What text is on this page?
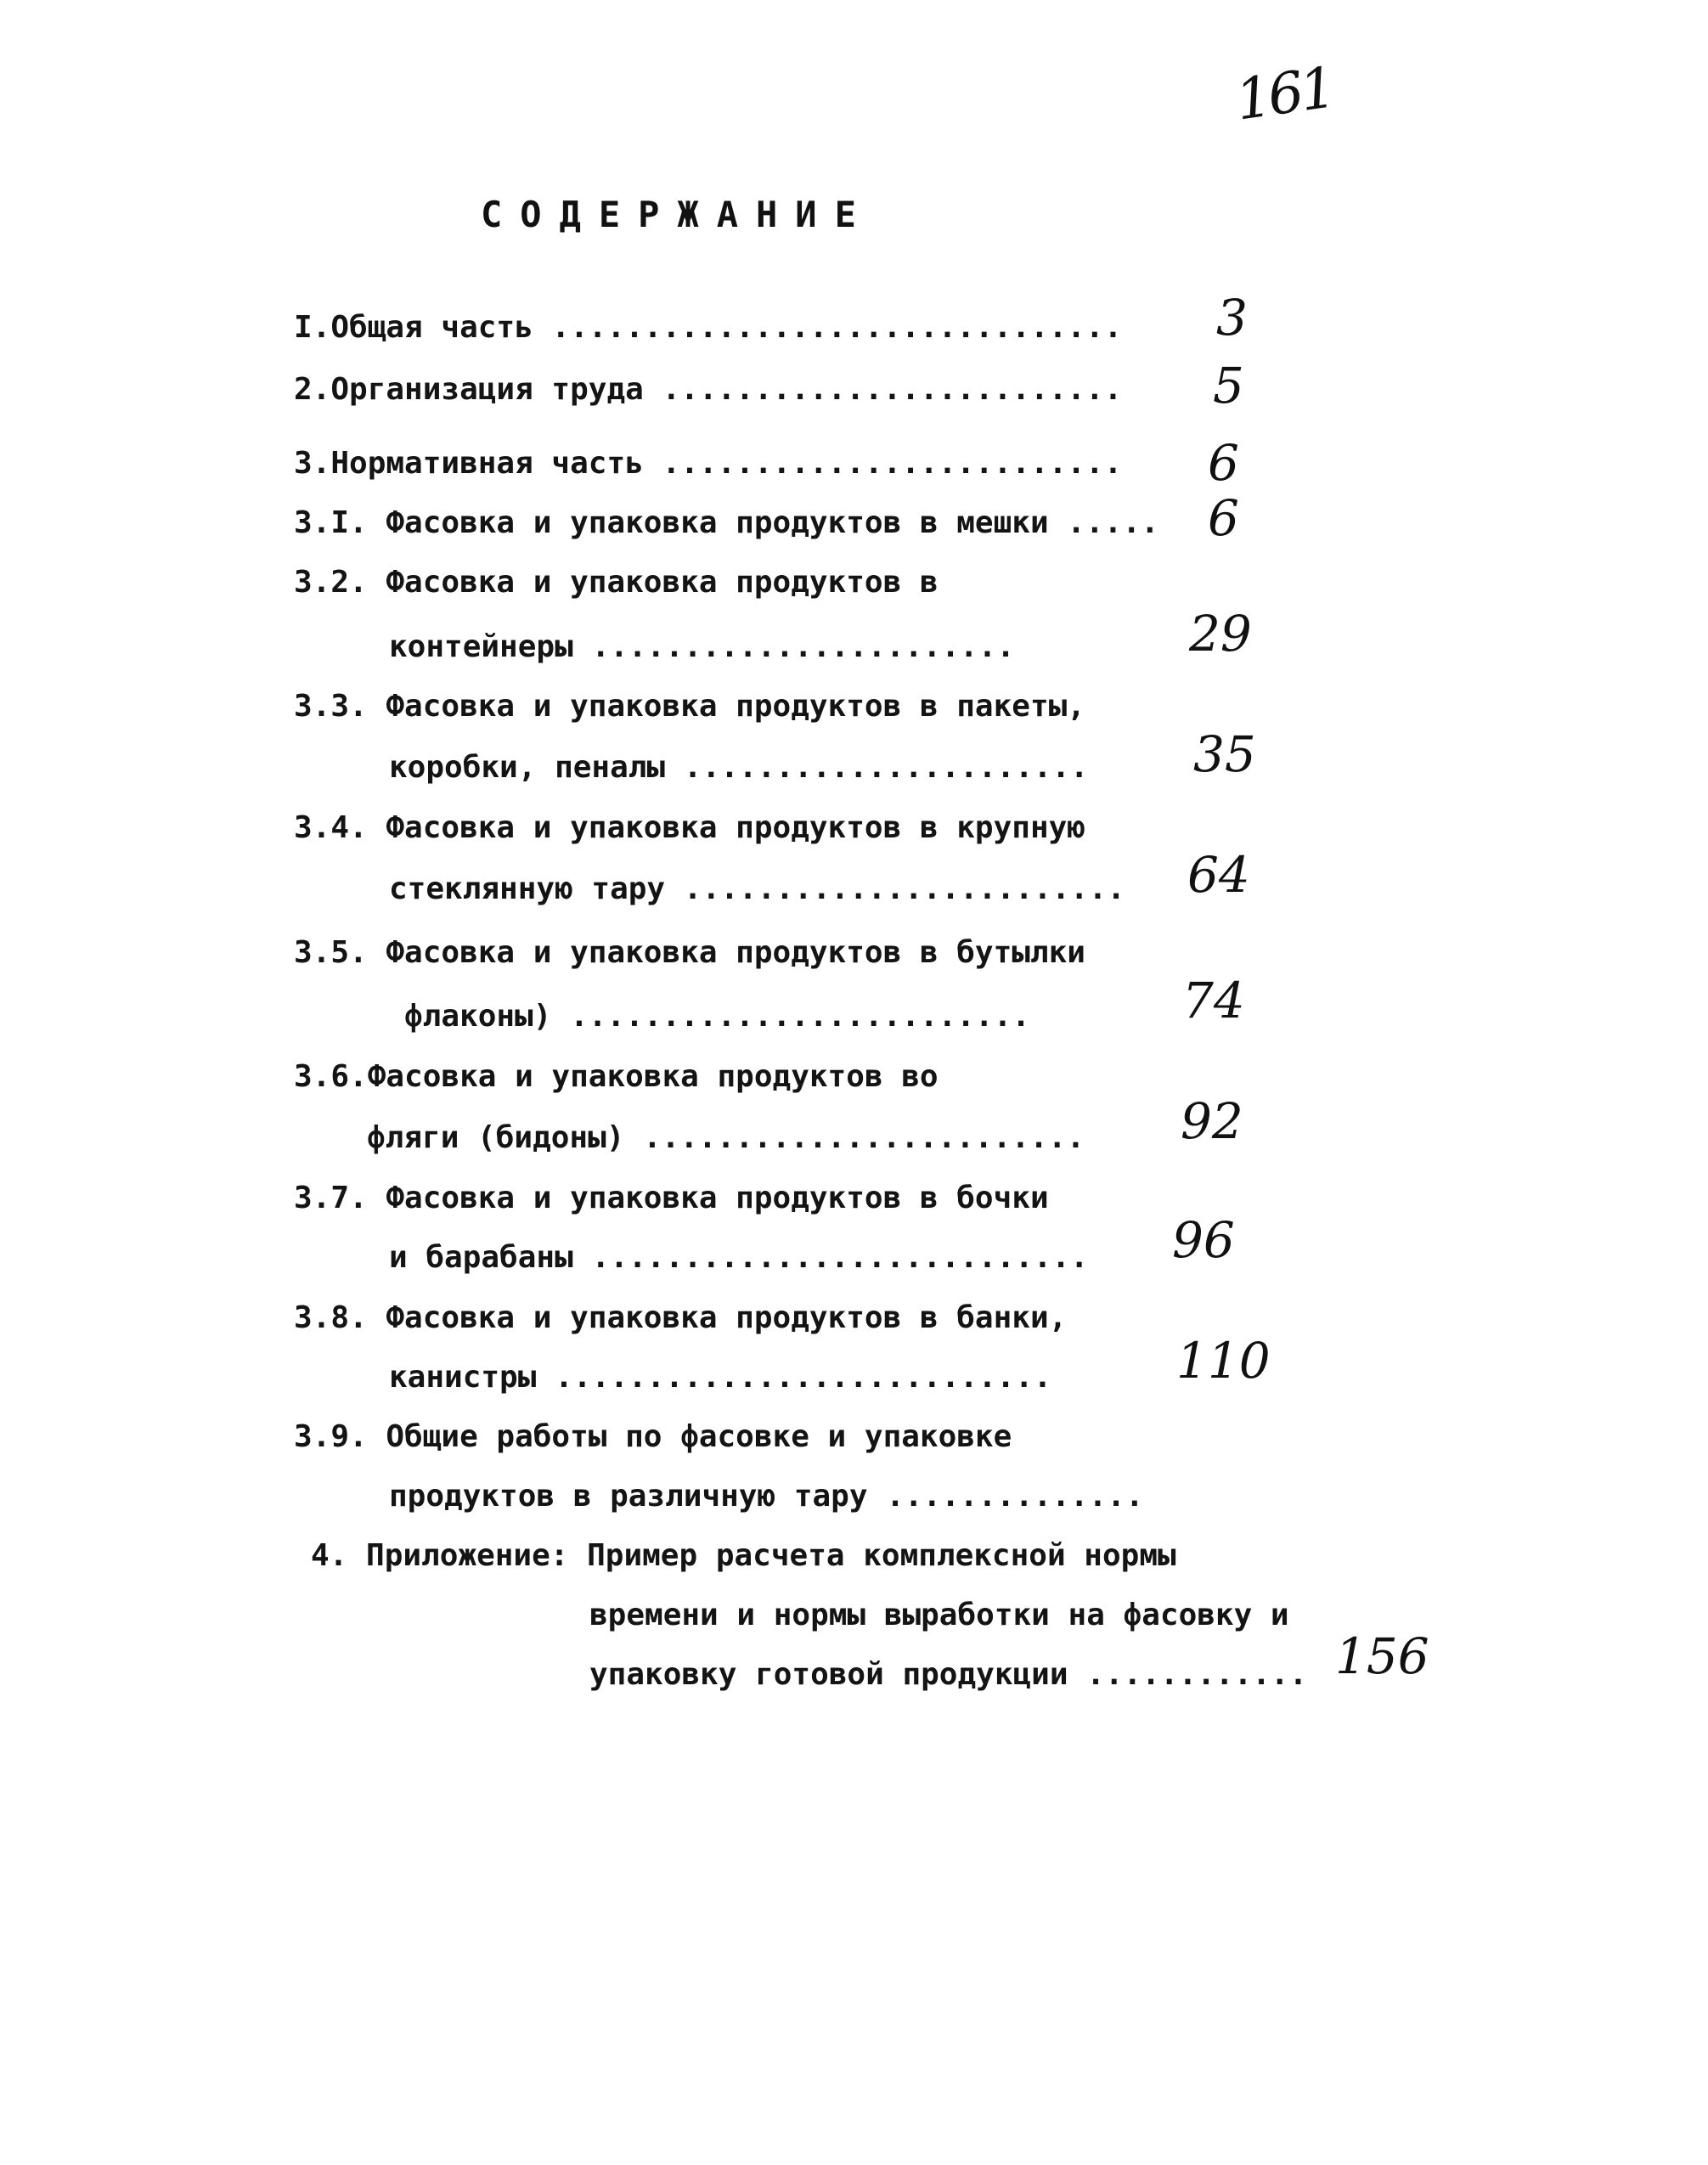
161
СОДЕРЖАНИЕ
I.Общая часть ............................... 3
2.Организация труда ......................... 5
3.Нормативная часть ......................... 6
3.I. Фасовка и упаковка продуктов в мешки ..... 6
3.2. Фасовка и упаковка продуктов в
контейнеры .......................	29
3.3. Фасовка и упаковка продуктов в пакеты,
коробки, пеналы ...................... 35
3.4. Фасовка и упаковка продуктов в крупную
стеклянную тару ........................ 64
3.5. Фасовка и упаковка продуктов в бутылки
флаконы) .........................	74
3.6.Фасовка и упаковка продуктов во
фляги (бидоны) ........................ 92
3.7. Фасовка и упаковка продуктов в бочки
и барабаны ........................... 96
3.8. Фасовка и упаковка продуктов в банки,
канистры ...........................	110
3.9. Общие работы по фасовке и упаковке
продуктов в различную тару ..............
4. Приложение: Пример расчета комплексной нормы
времени и нормы выработки на фасовку и
упаковку готовой продукции ............ 156
